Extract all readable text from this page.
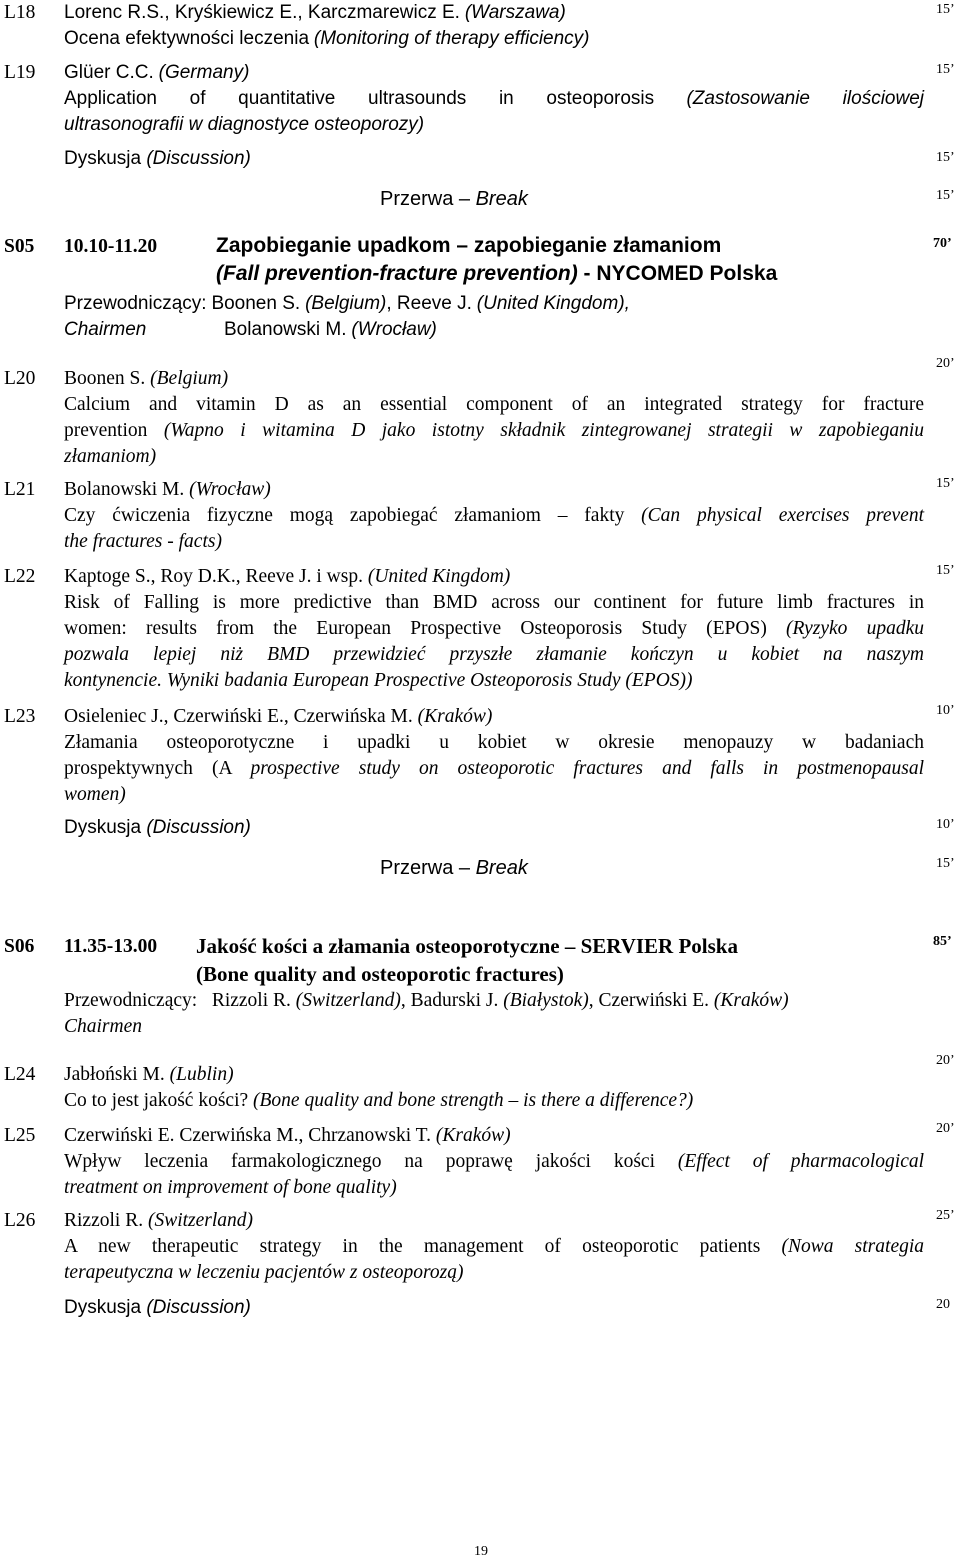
L18 Lorenc R.S., Kryśkiewicz E., Karczmarewicz E. (Warszawa)
Ocena efektywności leczenia (Monitoring of therapy efficiency)
15’
L19 Glüer C.C. (Germany)
Application of quantitative ultrasounds in osteoporosis (Zastosowanie ilościowej
ultrasonografii w diagnostyce osteoporozy)
15’
Dyskusja (Discussion)	15’
Przerwa – Break	15’
S05 10.10-11.20	Zapobieganie upadkom – zapobieganie złamaniom
(Fall prevention-fracture prevention) - NYCOMED Polska
Przewodniczący: Boonen S. (Belgium), Reeve J. (United Kingdom),
Chairmen	Bolanowski M. (Wrocław)
70’
L20 Boonen S. (Belgium)
Calcium and vitamin D as an essential component of an integrated strategy for fracture
prevention (Wapno i witamina D jako istotny składnik zintegrowanej strategii w zapobieganiu
złamaniom)
20’
L21 Bolanowski M. (Wrocław)
Czy ćwiczenia fizyczne mogą zapobiegać złamaniom – fakty (Can physical exercises prevent
the fractures - facts)
15’
L22 Kaptoge S., Roy D.K., Reeve J. i wsp. (United Kingdom)
Risk of Falling is more predictive than BMD across our continent for future limb fractures in
women: results from the European Prospective Osteoporosis Study (EPOS) (Ryzyko upadku
pozwala lepiej niż BMD przewidzieć przyszłe złamanie kończyn u kobiet na naszym
kontynencie. Wyniki badania European Prospective Osteoporosis Study (EPOS))
15’
L23 Osieleniec J., Czerwiński E., Czerwińska M. (Kraków)
Złamania osteoporotyczne i upadki u kobiet w okresie menopauzy w badaniach
prospektywnych (A prospective study on osteoporotic fractures and falls in postmenopausal
women)
10’
Dyskusja (Discussion)	10’
Przerwa – Break	15’
S06 11.35-13.00 Jakość kości a złamania osteoporotyczne – SERVIER Polska
(Bone quality and osteoporotic fractures)
Przewodniczący: Rizzoli R. (Switzerland), Badurski J. (Białystok), Czerwiński E. (Kraków)
Chairmen
85’
L24 Jabłoński M. (Lublin)
Co to jest jakość kości? (Bone quality and bone strength – is there a difference?)
20’
L25 Czerwiński E. Czerwińska M., Chrzanowski T. (Kraków)
Wpływ leczenia farmakologicznego na poprawę jakości kości (Effect of pharmacological
treatment on improvement of bone quality)
20’
L26 Rizzoli R. (Switzerland)
A new therapeutic strategy in the management of osteoporotic patients (Nowa strategia
terapeutyczna w leczeniu pacjentów z osteoporozą)
25’
Dyskusja (Discussion)	20
19
